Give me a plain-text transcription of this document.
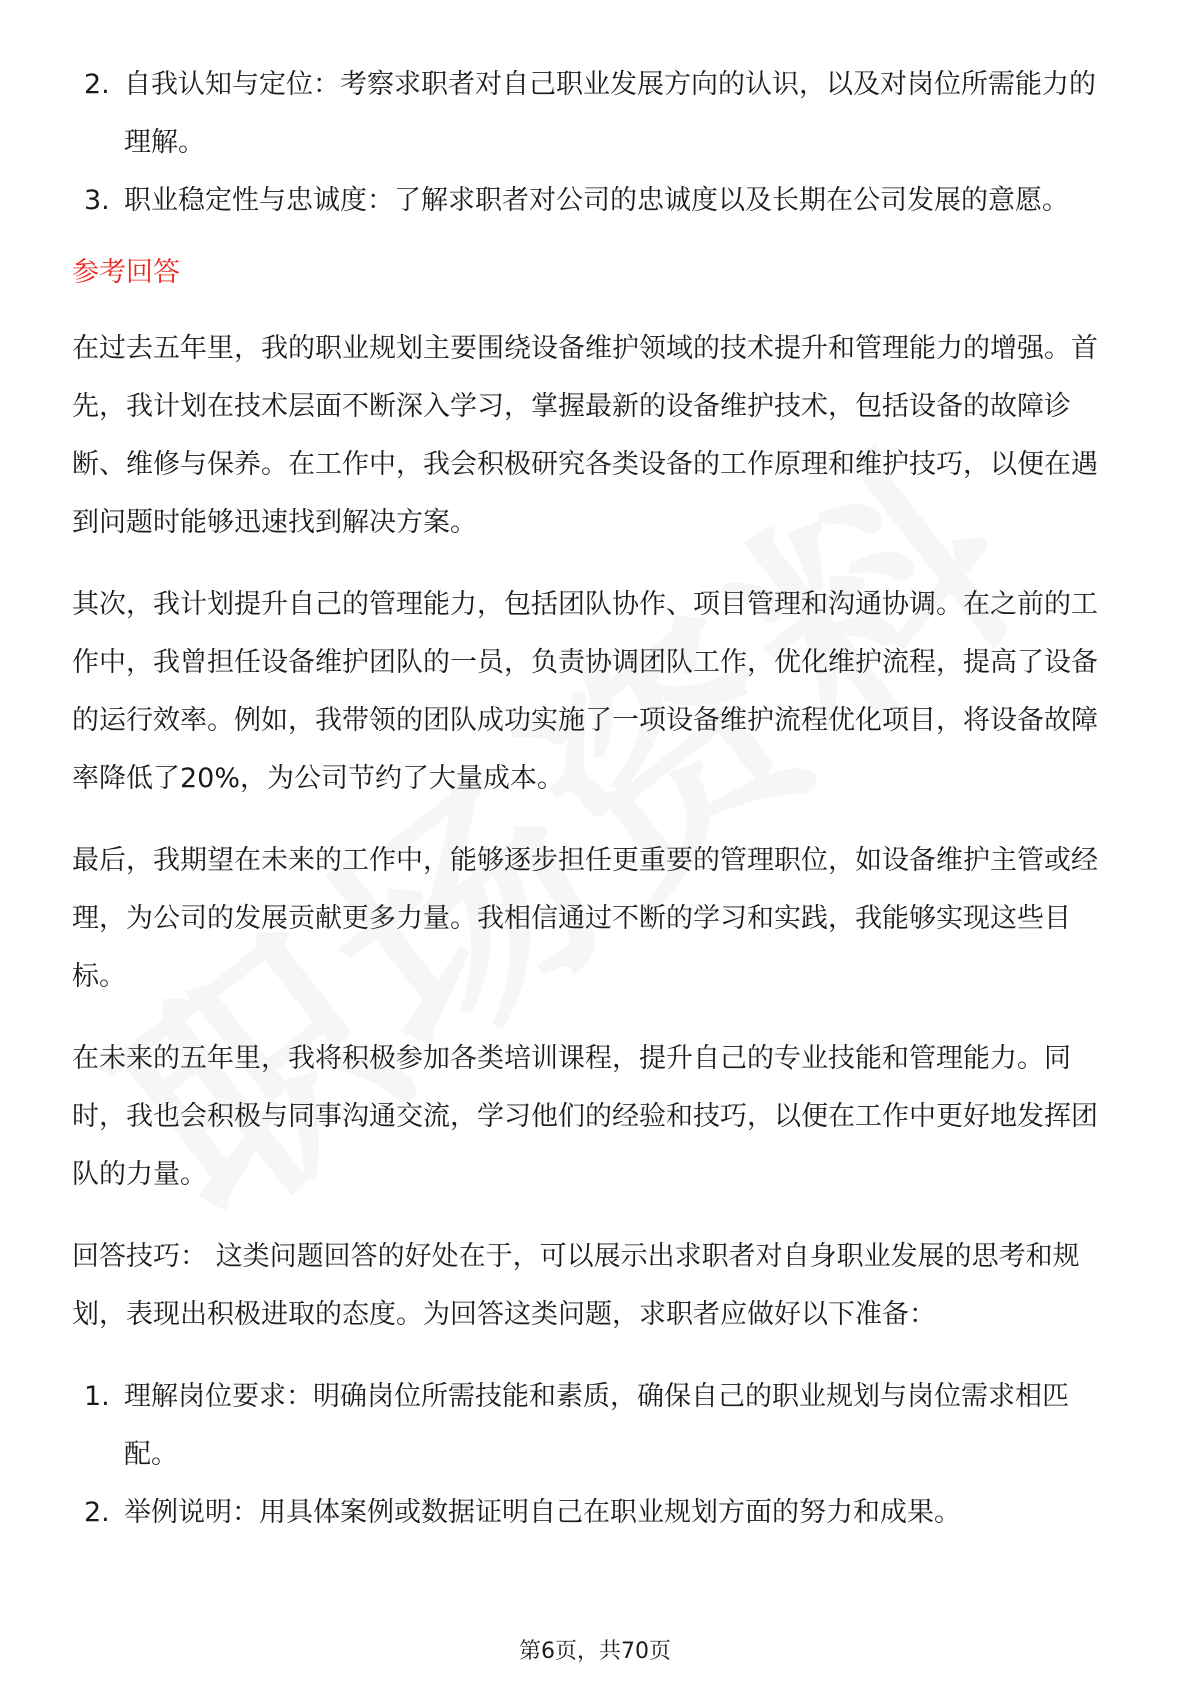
2. 自我认知与定位：考察求职者对自己职业发展方向的认识，以及对岗位所需能力的理解。
3. 职业稳定性与忠诚度：了解求职者对公司的忠诚度以及长期在公司发展的意愿。
参考回答

在过去五年里，我的职业规划主要围绕设备维护领域的技术提升和管理能力的增强。首先，我计划在技术层面不断深入学习，掌握最新的设备维护技术，包括设备的故障诊断、维修与保养。在工作中，我会积极研究各类设备的工作原理和维护技巧，以便在遇到问题时能够迅速找到解决方案。

其次，我计划提升自己的管理能力，包括团队协作、项目管理和沟通协调。在之前的工作中，我曾担任设备维护团队的一员，负责协调团队工作，优化维护流程，提高了设备的运行效率。例如，我带领的团队成功实施了一项设备维护流程优化项目，将设备故障率降低了20%，为公司节约了大量成本。

最后，我期望在未来的工作中，能够逐步担任更重要的管理职位，如设备维护主管或经理，为公司的发展贡献更多力量。我相信通过不断的学习和实践，我能够实现这些目标。

在未来的五年里，我将积极参加各类培训课程，提升自己的专业技能和管理能力。同时，我也会积极与同事沟通交流，学习他们的经验和技巧，以便在工作中更好地发挥团队的力量。

回答技巧： 这类问题回答的好处在于，可以展示出求职者对自身职业发展的思考和规划，表现出积极进取的态度。为回答这类问题，求职者应做好以下准备：

1. 理解岗位要求：明确岗位所需技能和素质，确保自己的职业规划与岗位需求相匹配。
2. 举例说明：用具体案例或数据证明自己在职业规划方面的努力和成果。
第6页，共70页
